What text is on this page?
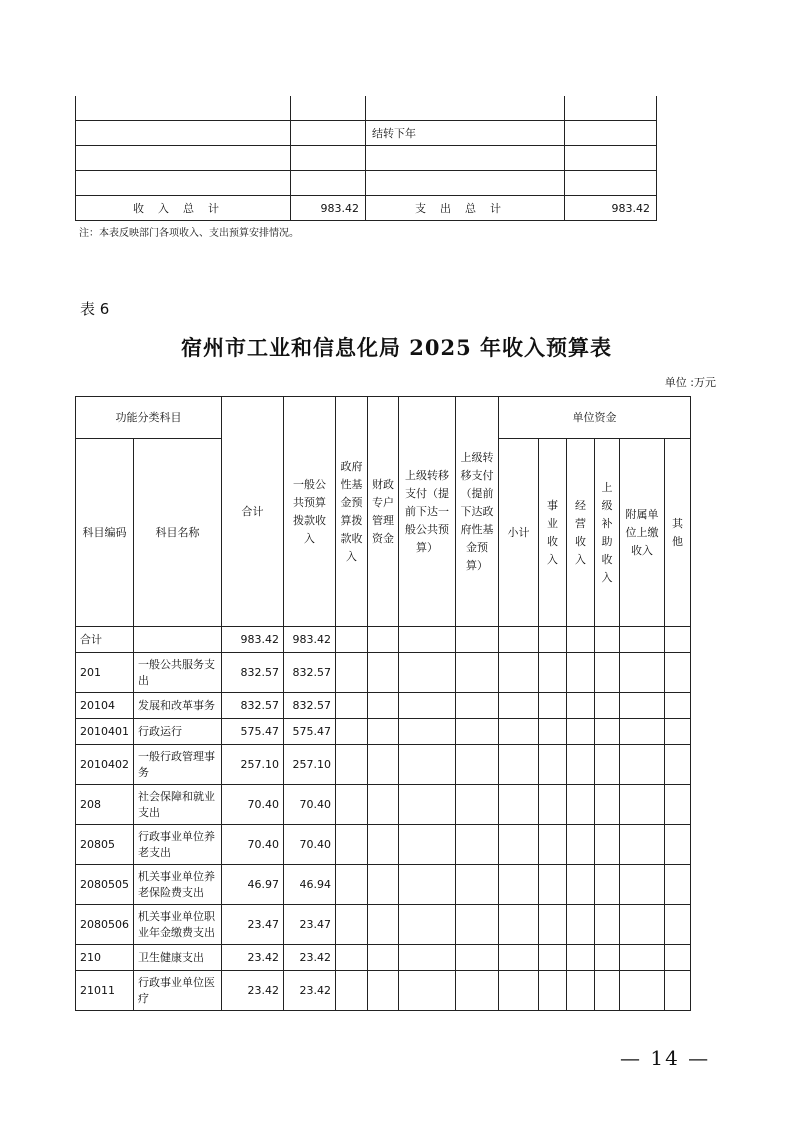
		结转下年	

收入总计	983.42	支出总计	983.42
注：本表反映部门各项收入、支出预算安排情况。
表 6
宿州市工业和信息化局 2025 年收入预算表
单位 :万元
功能分类科目		合计	一般公共预算拨款收入	政府性基金预算拨款收入	财政专户管理资金	上级转移支付（提前下达一般公共预算）	上级转移支付（提前下达政府性基金预算）	单位资金					
科目编码	科目名称							小计	事业收入	经营收入	上级补助收入	附属单位上缴收入	其他
合计		983.42	983.42										
201	一般公共服务支出	832.57	832.57										
20104	发展和改革事务	832.57	832.57										
2010401	行政运行	575.47	575.47										
2010402	一般行政管理事务	257.10	257.10										
208	社会保障和就业支出	70.40	70.40										
20805	行政事业单位养老支出	70.40	70.40										
2080505	机关事业单位养老保险费支出	46.97	46.94										
2080506	机关事业单位职业年金缴费支出	23.47	23.47										
210	卫生健康支出	23.42	23.42										
21011	行政事业单位医疗	23.42	23.42										
— 14 —
